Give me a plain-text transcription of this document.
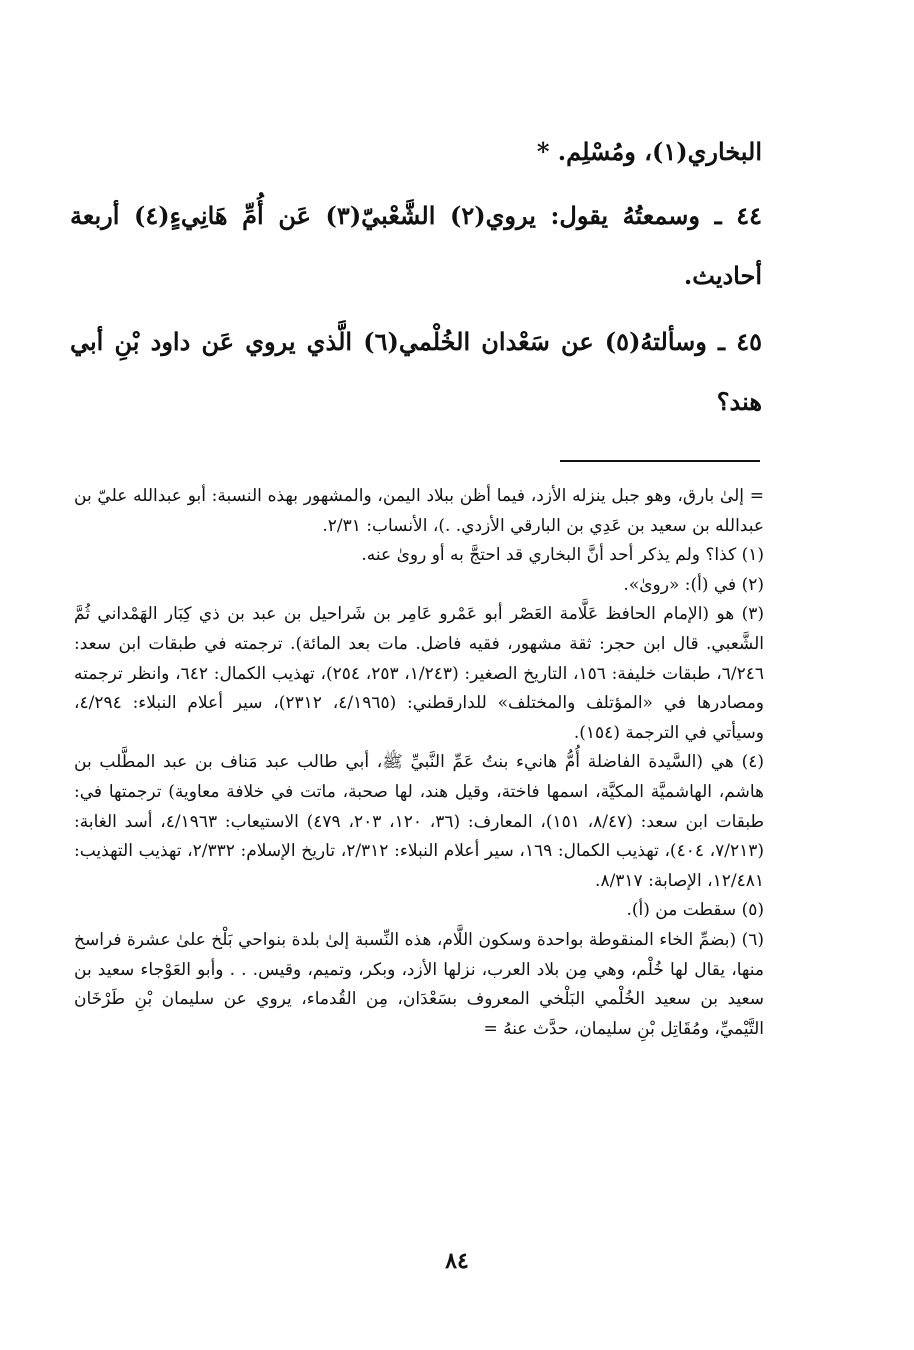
البخاري(١)، ومُسْلِم. *

٤٤ ـ وسمعتُهُ يقول: يروي(٢) الشَّعْبيّ(٣) عَن أُمِّ هَانِيءٍ(٤) أربعة أحاديث.

٤٥ ـ وسألتهُ(٥) عن سَعْدان الخُلْمي(٦) الَّذي يروي عَن داود بْنِ أبي هند؟

= إلىٰ بارق، وهو جبل ينزله الأزد، فيما أظن ببلاد اليمن، والمشهور بهذه النسبة: أبو عبدالله عليّ بن عبدالله بن سعيد بن عَدِي بن البارقي الأزدي. .)، الأنساب: ٢/٣١.

(١) كذا؟ ولم يذكر أحد أنَّ البخاري قد احتجَّ به أو روىٰ عنه.

(٢) في (أ): «روىٰ».

(٣) هو (الإمام الحافظ عَلَّامة العَصْر أبو عَمْرو عَامِر بن شَراحيل بن عبد بن ذي كِبَار الهَمْداني ثُمَّ الشَّعبي. قال ابن حجر: ثقة مشهور، فقيه فاضل. مات بعد المائة). ترجمته في طبقات ابن سعد: ٦/٢٤٦، طبقات خليفة: ١٥٦، التاريخ الصغير: (١/٢٤٣، ٢٥٣، ٢٥٤)، تهذيب الكمال: ٦٤٢، وانظر ترجمته ومصادرها في «المؤتلف والمختلف» للدارقطني: (٤/١٩٦٥، ٢٣١٢)، سير أعلام النبلاء: ٤/٢٩٤، وسيأتي في الترجمة (١٥٤).

(٤) هي (السَّيدة الفاضلة أُمُّ هانيء بنتُ عَمِّ النَّبيِّ ﷺ، أبي طالب عبد مَناف بن عبد المطَّلب بن هاشم، الهاشميَّة المكيَّة، اسمها فاختة، وقيل هند، لها صحبة، ماتت في خلافة معاوية) ترجمتها في: طبقات ابن سعد: (٨/٤٧، ١٥١)، المعارف: (٣٦، ١٢٠، ٢٠٣، ٤٧٩) الاستيعاب: ٤/١٩٦٣، أسد الغابة: (٧/٢١٣، ٤٠٤)، تهذيب الكمال: ١٦٩، سير أعلام النبلاء: ٢/٣١٢، تاريخ الإسلام: ٢/٣٣٢، تهذيب التهذيب: ١٢/٤٨١، الإصابة: ٨/٣١٧.

(٥) سقطت من (أ).

(٦) (بضمِّ الخاء المنقوطة بواحدة وسكون اللَّام، هذه النِّسبة إلىٰ بلدة بنواحي بَلْخ علىٰ عشرة فراسخ منها، يقال لها خُلْم، وهي مِن بلاد العرب، نزلها الأزد، وبكر، وتميم، وقيس. . . وأبو العَوْجاء سعيد بن سعيد بن سعيد الخُلْمي البَلْخي المعروف بسَعْدَان، مِن القُدماء، يروي عن سليمان بْنِ طَرْخَان التَّيْميِّ، ومُقَاتِل بْنِ سليمان، حدَّث عنهُ =

٨٤
